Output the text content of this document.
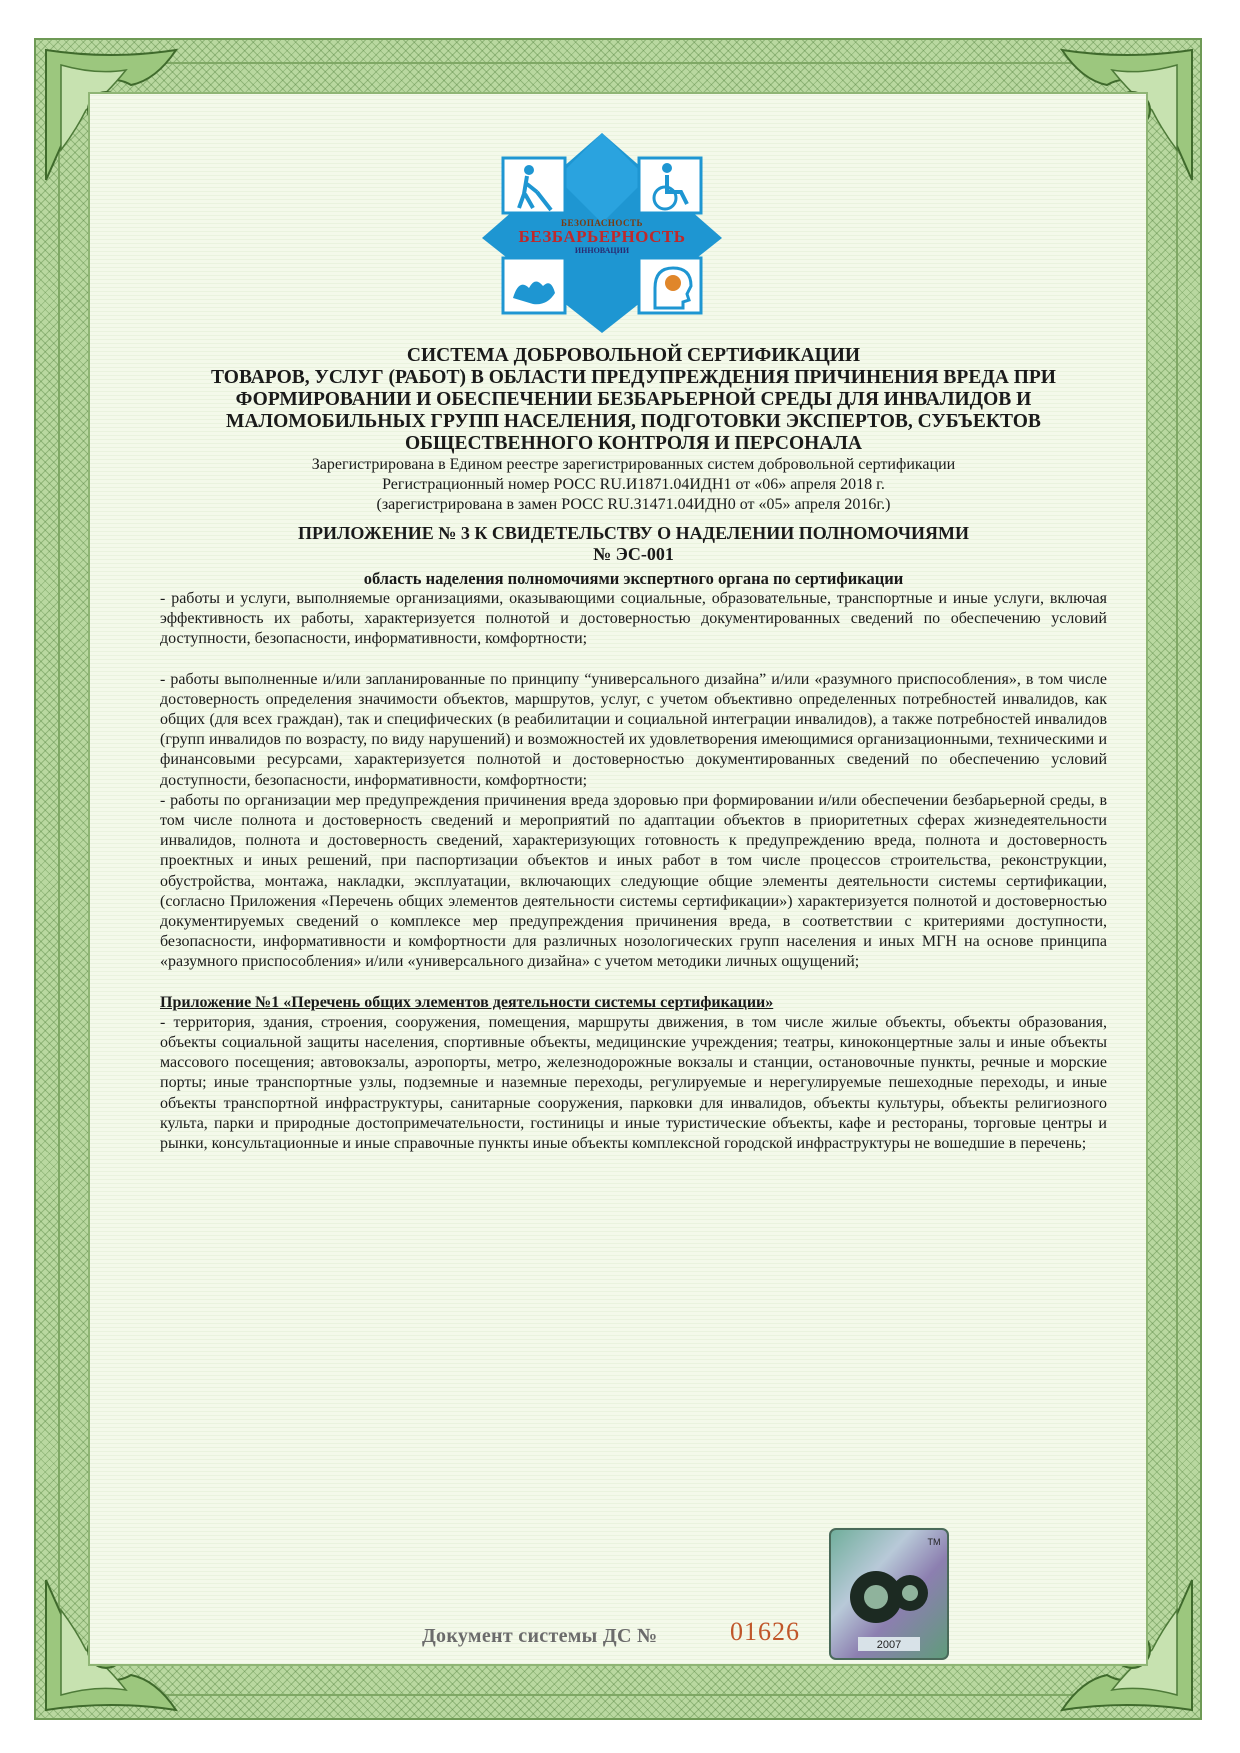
БЕЗОПАСНОСТЬ
БЕЗБАРЬЕРНОСТЬ
ИННОВАЦИИ

СИСТЕМА ДОБРОВОЛЬНОЙ СЕРТИФИКАЦИИ

ТОВАРОВ, УСЛУГ (РАБОТ) В ОБЛАСТИ ПРЕДУПРЕЖДЕНИЯ ПРИЧИНЕНИЯ ВРЕДА ПРИ

ФОРМИРОВАНИИ И ОБЕСПЕЧЕНИИ БЕЗБАРЬЕРНОЙ СРЕДЫ ДЛЯ ИНВАЛИДОВ И

МАЛОМОБИЛЬНЫХ ГРУПП НАСЕЛЕНИЯ, ПОДГОТОВКИ ЭКСПЕРТОВ, СУБЪЕКТОВ

ОБЩЕСТВЕННОГО КОНТРОЛЯ И ПЕРСОНАЛА

Зарегистрирована в Едином реестре зарегистрированных систем добровольной сертификации

Регистрационный номер РОСС RU.И1871.04ИДН1 от «06» апреля 2018 г.

(зарегистрирована в замен РОСС RU.З1471.04ИДН0 от «05» апреля 2016г.)

ПРИЛОЖЕНИЕ № 3 К СВИДЕТЕЛЬСТВУ О НАДЕЛЕНИИ ПОЛНОМОЧИЯМИ

№ ЭС-001

область наделения полномочиями экспертного органа по сертификации

- работы и услуги, выполняемые организациями, оказывающими социальные, образовательные, транспортные и иные услуги, включая эффективность их работы, характеризуется полнотой и достоверностью документированных сведений по обеспечению условий доступности, безопасности, информативности, комфортности;

- работы выполненные и/или запланированные по принципу “универсального дизайна” и/или «разумного приспособления», в том числе достоверность определения значимости объектов, маршрутов, услуг, с учетом объективно определенных потребностей инвалидов, как общих (для всех граждан), так и специфических (в реабилитации и социальной интеграции инвалидов), а также потребностей инвалидов (групп инвалидов по возрасту, по виду нарушений) и возможностей их удовлетворения имеющимися организационными, техническими и финансовыми ресурсами, характеризуется полнотой и достоверностью документированных сведений по обеспечению условий доступности, безопасности, информативности, комфортности;

- работы по организации мер предупреждения причинения вреда здоровью при формировании и/или обеспечении безбарьерной среды, в том числе полнота и достоверность сведений и мероприятий по адаптации объектов в приоритетных сферах жизнедеятельности инвалидов, полнота и достоверность сведений, характеризующих готовность к предупреждению вреда, полнота и достоверность проектных и иных решений, при паспортизации объектов и иных работ в том числе процессов строительства, реконструкции, обустройства, монтажа, накладки, эксплуатации, включающих следующие общие элементы деятельности системы сертификации, (согласно Приложения «Перечень общих элементов деятельности системы сертификации») характеризуется полнотой и достоверностью документируемых сведений о комплексе мер предупреждения причинения вреда, в соответствии с критериями доступности, безопасности, информативности и комфортности для различных нозологических групп населения и иных МГН на основе принципа «разумного приспособления» и/или «универсального дизайна» с учетом методики личных ощущений;

Приложение №1 «Перечень общих элементов деятельности системы сертификации»

- территория, здания, строения, сооружения, помещения, маршруты движения, в том числе жилые объекты, объекты образования, объекты социальной защиты населения, спортивные объекты, медицинские учреждения; театры, киноконцертные залы и иные объекты массового посещения; автовокзалы, аэропорты, метро, железнодорожные вокзалы и станции, остановочные пункты, речные и морские порты; иные транспортные узлы, подземные и наземные переходы, регулируемые и нерегулируемые пешеходные переходы, и иные объекты транспортной инфраструктуры, санитарные сооружения, парковки для инвалидов, объекты культуры, объекты религиозного культа, парки и природные достопримечательности, гостиницы и иные туристические объекты, кафе и рестораны, торговые центры и рынки, консультационные и иные справочные пункты иные объекты комплексной городской инфраструктуры не вошедшие в перечень;

Документ системы ДС №	01626	2007
TM
